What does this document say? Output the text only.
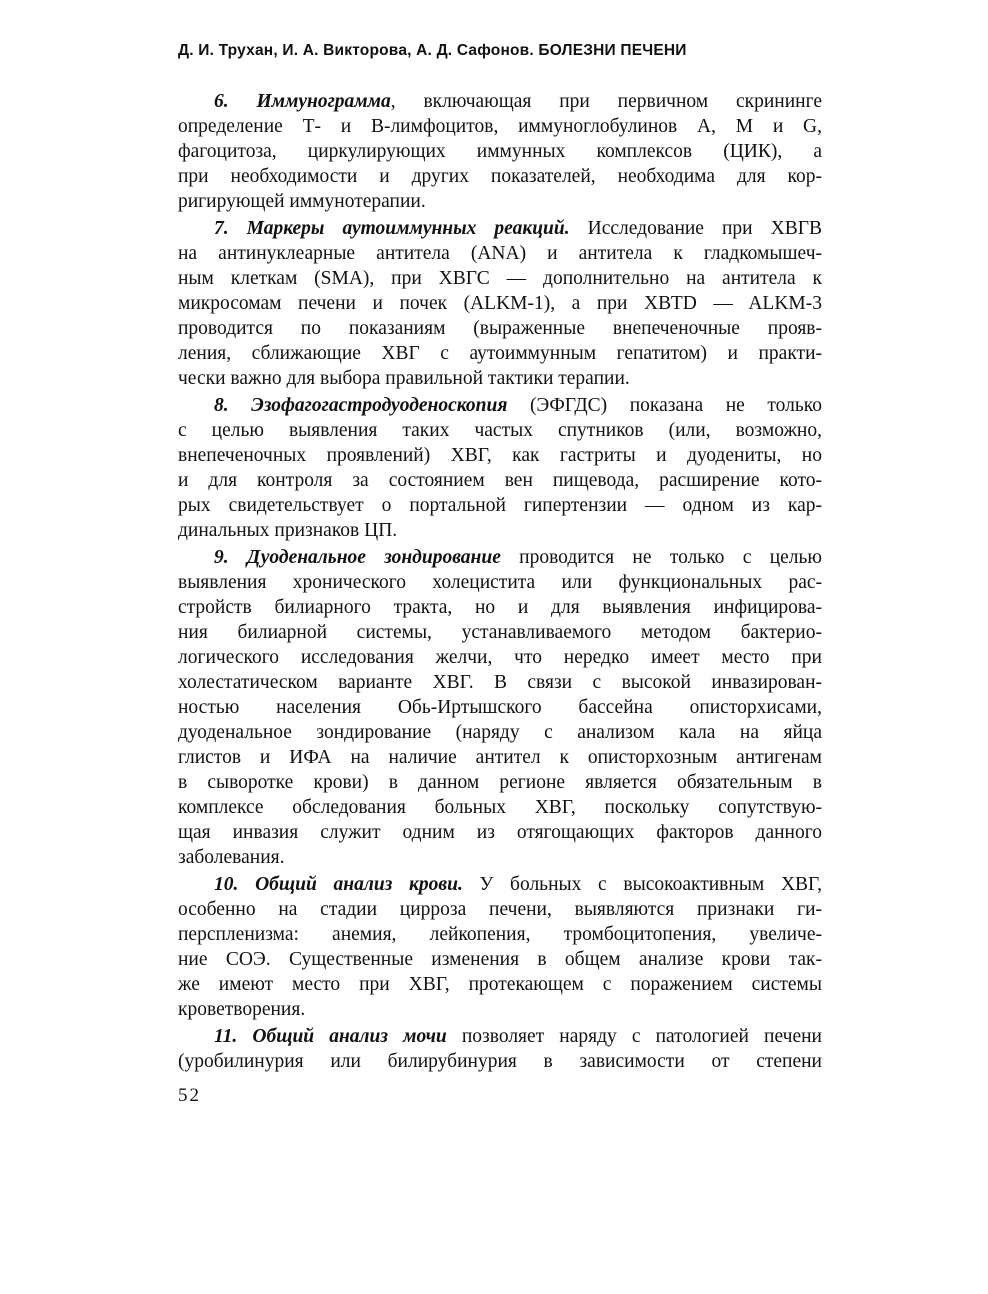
Д. И. Трухан, И. А. Викторова, А. Д. Сафонов. БОЛЕЗНИ ПЕЧЕНИ
6. Иммунограмма, включающая при первичном скрининге
определение Т- и В-лимфоцитов, иммуноглобулинов А, М и G,
фагоцитоза, циркулирующих иммунных комплексов (ЦИК), а
при необходимости и других показателей, необходима для кор-
ригирующей иммунотерапии.
7. Маркеры аутоиммунных реакций. Исследование при ХВГВ
на антинуклеарные антитела (ANA) и антитела к гладкомышеч-
ным клеткам (SMA), при ХВГС — дополнительно на антитела к
микросомам печени и почек (ALKM-1), а при ХВТD — ALKM-3
проводится по показаниям (выраженные внепеченочные прояв-
ления, сближающие ХВГ с аутоиммунным гепатитом) и практи-
чески важно для выбора правильной тактики терапии.
8. Эзофагогастродуоденоскопия (ЭФГДС) показана не только
с целью выявления таких частых спутников (или, возможно,
внепеченочных проявлений) ХВГ, как гастриты и дуодениты, но
и для контроля за состоянием вен пищевода, расширение кото-
рых свидетельствует о портальной гипертензии — одном из кар-
динальных признаков ЦП.
9. Дуоденальное зондирование проводится не только с целью
выявления хронического холецистита или функциональных рас-
стройств билиарного тракта, но и для выявления инфицирова-
ния билиарной системы, устанавливаемого методом бактерио-
логического исследования желчи, что нередко имеет место при
холестатическом варианте ХВГ. В связи с высокой инвазирован-
ностью населения Обь-Иртышского бассейна описторхисами,
дуоденальное зондирование (наряду с анализом кала на яйца
глистов и ИФА на наличие антител к описторхозным антигенам
в сыворотке крови) в данном регионе является обязательным в
комплексе обследования больных ХВГ, поскольку сопутствую-
щая инвазия служит одним из отягощающих факторов данного
заболевания.
10. Общий анализ крови. У больных с высокоактивным ХВГ,
особенно на стадии цирроза печени, выявляются признаки ги-
перспленизма: анемия, лейкопения, тромбоцитопения, увеличе-
ние СОЭ. Существенные изменения в общем анализе крови так-
же имеют место при ХВГ, протекающем с поражением системы
кроветворения.
11. Общий анализ мочи позволяет наряду с патологией печени
(уробилинурия или билирубинурия в зависимости от степени
52
